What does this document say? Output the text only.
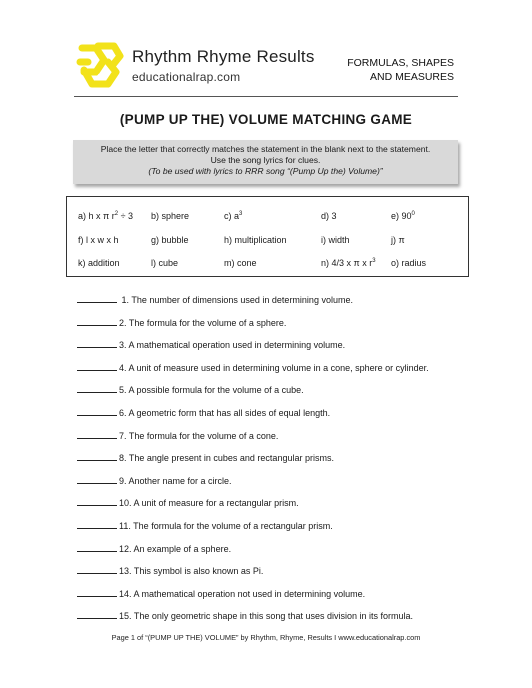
Rhythm Rhyme Results
educationalrap.com
FORMULAS, SHAPES
AND MEASURES
(PUMP UP THE) VOLUME MATCHING GAME
Place the letter that correctly matches the statement in the blank next to the statement.
Use the song lyrics for clues.
(To be used with lyrics to RRR song “(Pump Up the) Volume)”
a) h x π $r^2 \div 3$ b) sphere	c) $a^3$	d) 3	e) $90^0$
f) l x w x h	g) bubble	h) multiplication	i) width	j) π
k) addition	l) cube	m) cone	n) 4/3 x π x $r^3$ o) radius
1. The number of dimensions used in determining volume.
2. The formula for the volume of a sphere.
3. A mathematical operation used in determining volume.
4. A unit of measure used in determining volume in a cone, sphere or cylinder.
5. A possible formula for the volume of a cube.
6. A geometric form that has all sides of equal length.
7. The formula for the volume of a cone.
8. The angle present in cubes and rectangular prisms.
9. Another name for a circle.
10. A unit of measure for a rectangular prism.
11. The formula for the volume of a rectangular prism.
12. An example of a sphere.
13. This symbol is also known as Pi.
14. A mathematical operation not used in determining volume.
15. The only geometric shape in this song that uses division in its formula.
Page 1 of “(PUMP UP THE) VOLUME” by Rhythm, Rhyme, Results I www.educationalrap.com
